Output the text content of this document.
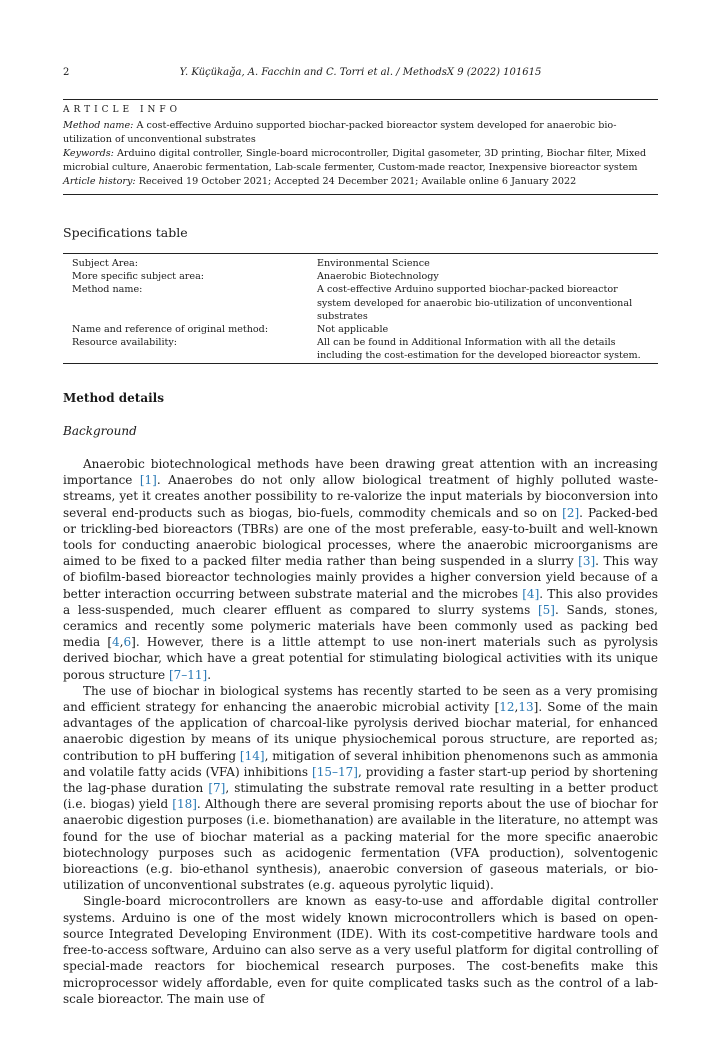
2	Y. Küçükağa, A. Facchin and C. Torri et al. / MethodsX 9 (2022) 101615
ARTICLE INFO

Method name: A cost-effective Arduino supported biochar-packed bioreactor system developed for anaerobic bio-utilization of unconventional substrates

Keywords: Arduino digital controller, Single-board microcontroller, Digital gasometer, 3D printing, Biochar filter, Mixed microbial culture, Anaerobic fermentation, Lab-scale fermenter, Custom-made reactor, Inexpensive bioreactor system

Article history: Received 19 October 2021; Accepted 24 December 2021; Available online 6 January 2022

Specifications table
Subject Area:	Environmental Science
More specific subject area:	Anaerobic Biotechnology
Method name:	A cost-effective Arduino supported biochar-packed bioreactor system developed for anaerobic bio-utilization of unconventional substrates
Name and reference of original method:	Not applicable
Resource availability:	All can be found in Additional Information with all the details including the cost-estimation for the developed bioreactor system.
Method details
Background

Anaerobic biotechnological methods have been drawing great attention with an increasing importance [1]. Anaerobes do not only allow biological treatment of highly polluted waste-streams, yet it creates another possibility to re-valorize the input materials by bioconversion into several end-products such as biogas, bio-fuels, commodity chemicals and so on [2]. Packed-bed or trickling-bed bioreactors (TBRs) are one of the most preferable, easy-to-built and well-known tools for conducting anaerobic biological processes, where the anaerobic microorganisms are aimed to be fixed to a packed filter media rather than being suspended in a slurry [3]. This way of biofilm-based bioreactor technologies mainly provides a higher conversion yield because of a better interaction occurring between substrate material and the microbes [4]. This also provides a less-suspended, much clearer effluent as compared to slurry systems [5]. Sands, stones, ceramics and recently some polymeric materials have been commonly used as packing bed media [4,6]. However, there is a little attempt to use non-inert materials such as pyrolysis derived biochar, which have a great potential for stimulating biological activities with its unique porous structure [7–11].

The use of biochar in biological systems has recently started to be seen as a very promising and efficient strategy for enhancing the anaerobic microbial activity [12,13]. Some of the main advantages of the application of charcoal-like pyrolysis derived biochar material, for enhanced anaerobic digestion by means of its unique physiochemical porous structure, are reported as; contribution to pH buffering [14], mitigation of several inhibition phenomenons such as ammonia and volatile fatty acids (VFA) inhibitions [15–17], providing a faster start-up period by shortening the lag-phase duration [7], stimulating the substrate removal rate resulting in a better product (i.e. biogas) yield [18]. Although there are several promising reports about the use of biochar for anaerobic digestion purposes (i.e. biomethanation) are available in the literature, no attempt was found for the use of biochar material as a packing material for the more specific anaerobic biotechnology purposes such as acidogenic fermentation (VFA production), solventogenic bioreactions (e.g. bio-ethanol synthesis), anaerobic conversion of gaseous materials, or bio-utilization of unconventional substrates (e.g. aqueous pyrolytic liquid).

Single-board microcontrollers are known as easy-to-use and affordable digital controller systems. Arduino is one of the most widely known microcontrollers which is based on open-source Integrated Developing Environment (IDE). With its cost-competitive hardware tools and free-to-access software, Arduino can also serve as a very useful platform for digital controlling of special-made reactors for biochemical research purposes. The cost-benefits make this microprocessor widely affordable, even for quite complicated tasks such as the control of a lab-scale bioreactor. The main use of
